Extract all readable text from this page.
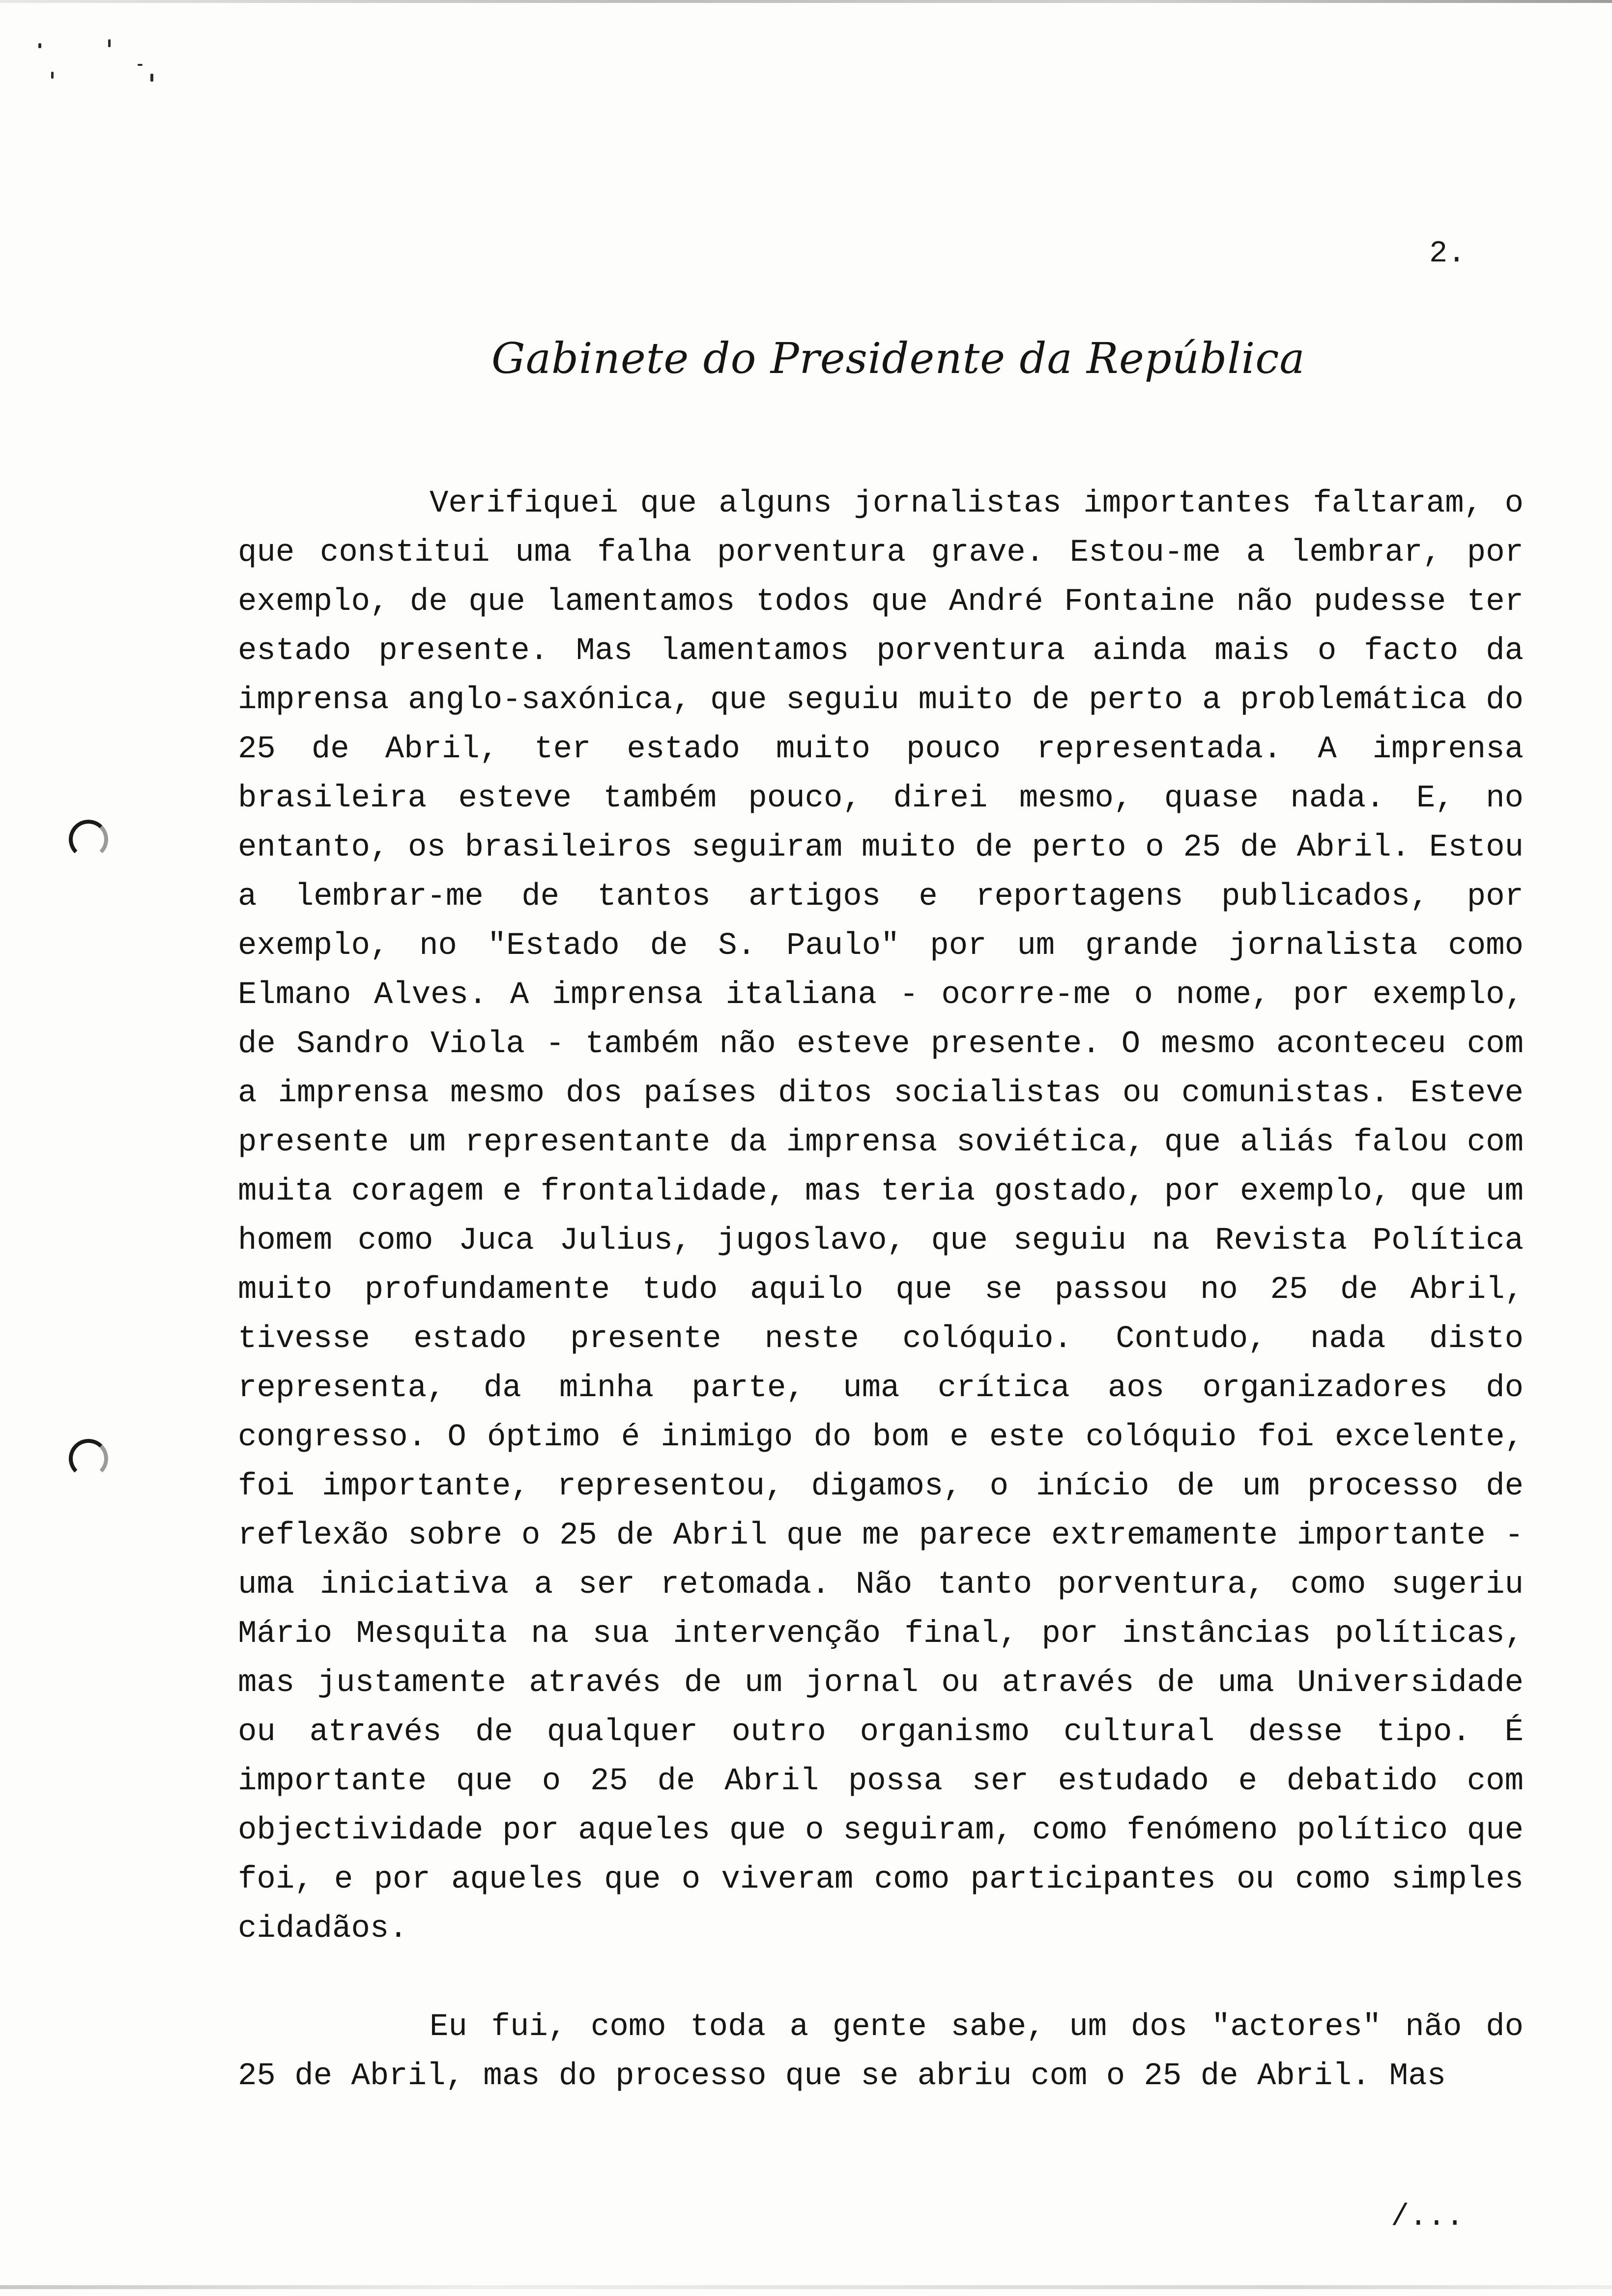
2.
Gabinete do Presidente da República

Verifiquei que alguns jornalistas importantes faltaram, o que constitui uma falha porventura grave. Estou-me a lembrar, por exemplo, de que lamentamos todos que André Fontaine não pudesse ter estado presente. Mas lamentamos porventura ainda mais o facto da imprensa anglo-saxónica, que seguiu muito de perto a problemática do 25 de Abril, ter estado muito pouco representada. A imprensa brasileira esteve também pouco, direi mesmo, quase nada. E, no entanto, os brasileiros seguiram muito de perto o 25 de Abril. Estou a lembrar-me de tantos artigos e reportagens publicados, por exemplo, no "Estado de S. Paulo" por um grande jornalista como Elmano Alves. A imprensa italiana - ocorre-me o nome, por exemplo, de Sandro Viola - também não esteve presente. O mesmo aconteceu com a imprensa mesmo dos países ditos socialistas ou comunistas. Esteve presente um representante da imprensa soviética, que aliás falou com muita coragem e frontalidade, mas teria gostado, por exemplo, que um homem como Juca Julius, jugoslavo, que seguiu na Revista Política muito profundamente tudo aquilo que se passou no 25 de Abril, tivesse estado presente neste colóquio. Contudo, nada disto representa, da minha parte, uma crítica aos organizadores do congresso. O óptimo é inimigo do bom e este colóquio foi excelente, foi importante, representou, digamos, o início de um processo de reflexão sobre o 25 de Abril que me parece extremamente importante - uma iniciativa a ser retomada. Não tanto porventura, como sugeriu Mário Mesquita na sua intervenção final, por instâncias políticas, mas justamente através de um jornal ou através de uma Universidade ou através de qualquer outro organismo cultural desse tipo. É importante que o 25 de Abril possa ser estudado e debatido com objectividade por aqueles que o seguiram, como fenómeno político que foi, e por aqueles que o viveram como participantes ou como simples cidadãos.

Eu fui, como toda a gente sabe, um dos "actores" não do 25 de Abril, mas do processo que se abriu com o 25 de Abril. Mas

/...
